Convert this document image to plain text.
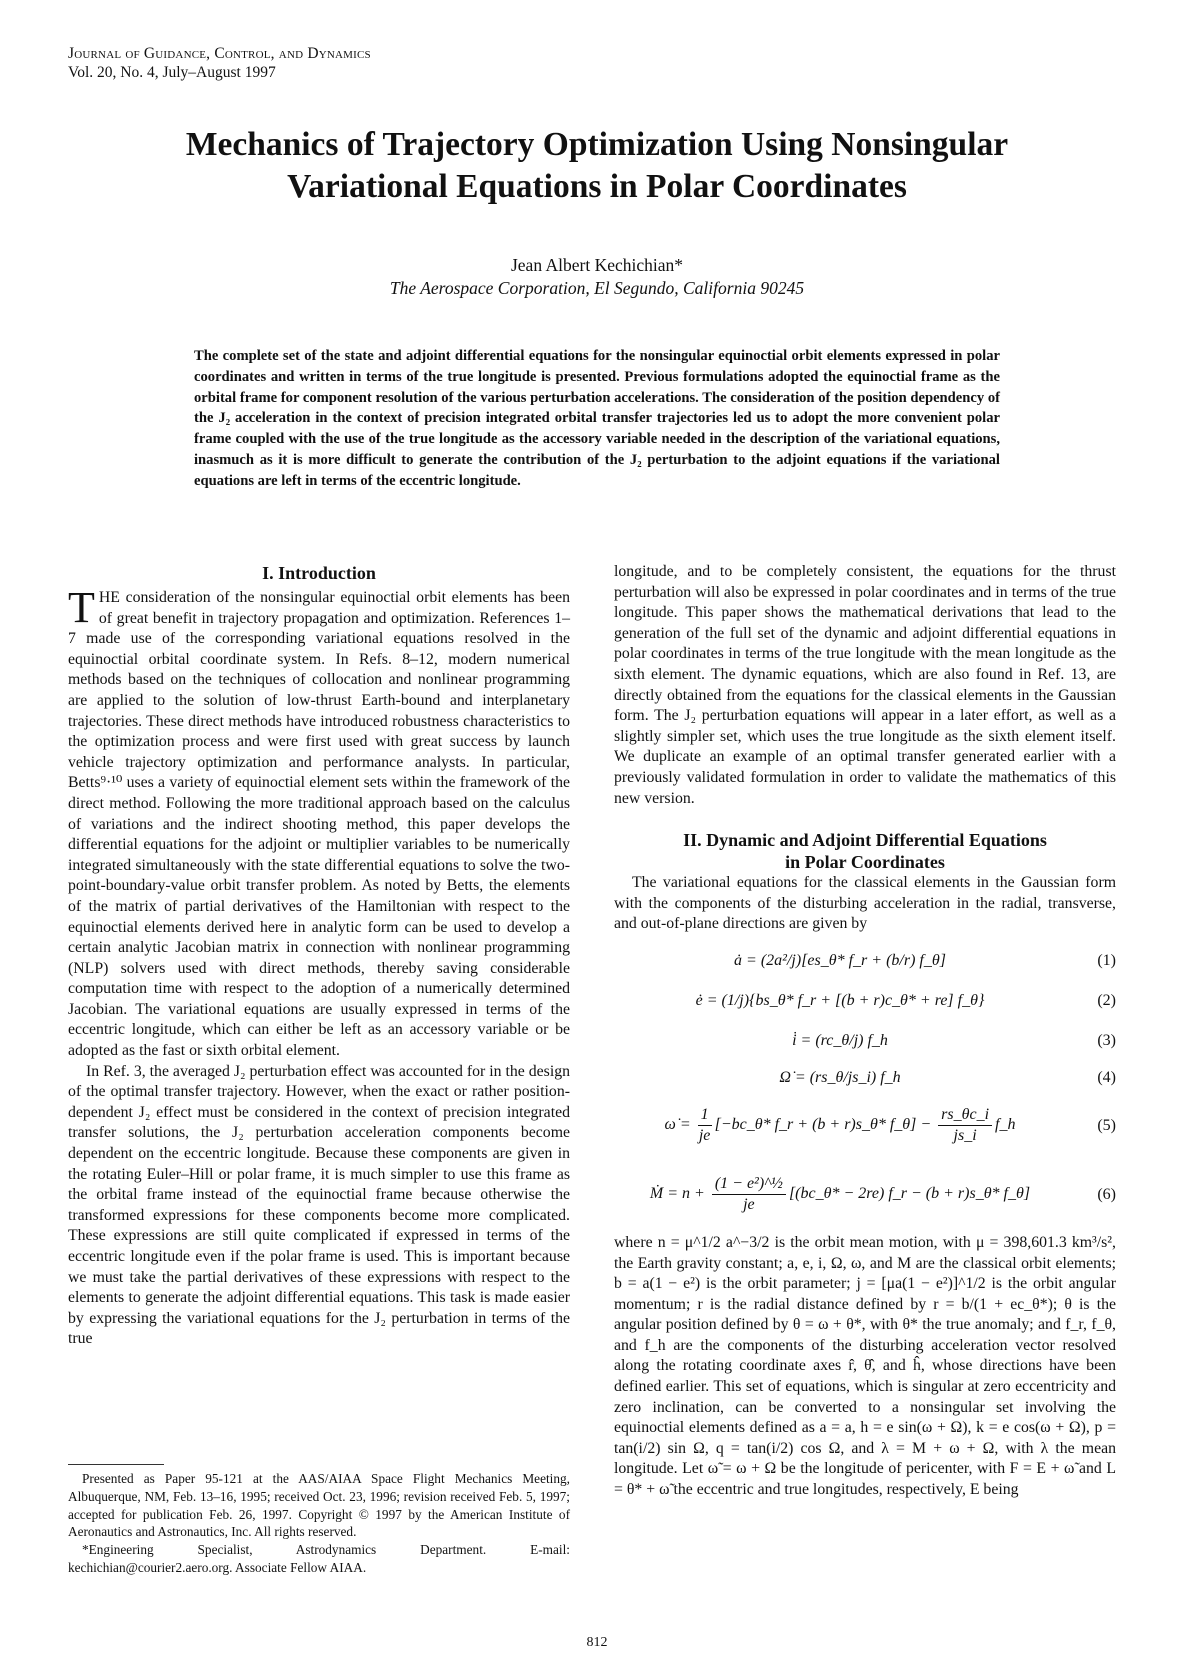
Journal of Guidance, Control, and Dynamics
Vol. 20, No. 4, July–August 1997
Mechanics of Trajectory Optimization Using Nonsingular
Variational Equations in Polar Coordinates
Jean Albert Kechichian*
The Aerospace Corporation, El Segundo, California 90245
The complete set of the state and adjoint differential equations for the nonsingular equinoctial orbit elements expressed in polar coordinates and written in terms of the true longitude is presented. Previous formulations adopted the equinoctial frame as the orbital frame for component resolution of the various perturbation accelerations. The consideration of the position dependency of the J₂ acceleration in the context of precision integrated orbital transfer trajectories led us to adopt the more convenient polar frame coupled with the use of the true longitude as the accessory variable needed in the description of the variational equations, inasmuch as it is more difficult to generate the contribution of the J₂ perturbation to the adjoint equations if the variational equations are left in terms of the eccentric longitude.
I. Introduction

THE consideration of the nonsingular equinoctial orbit elements has been of great benefit in trajectory propagation and optimization. References 1–7 made use of the corresponding variational equations resolved in the equinoctial orbital coordinate system. In Refs. 8–12, modern numerical methods based on the techniques of collocation and nonlinear programming are applied to the solution of low-thrust Earth-bound and interplanetary trajectories. These direct methods have introduced robustness characteristics to the optimization process and were first used with great success by launch vehicle trajectory optimization and performance analysts. In particular, Betts⁹·¹⁰ uses a variety of equinoctial element sets within the framework of the direct method. Following the more traditional approach based on the calculus of variations and the indirect shooting method, this paper develops the differential equations for the adjoint or multiplier variables to be numerically integrated simultaneously with the state differential equations to solve the two-point-boundary-value orbit transfer problem. As noted by Betts, the elements of the matrix of partial derivatives of the Hamiltonian with respect to the equinoctial elements derived here in analytic form can be used to develop a certain analytic Jacobian matrix in connection with nonlinear programming (NLP) solvers used with direct methods, thereby saving considerable computation time with respect to the adoption of a numerically determined Jacobian. The variational equations are usually expressed in terms of the eccentric longitude, which can either be left as an accessory variable or be adopted as the fast or sixth orbital element.

In Ref. 3, the averaged J₂ perturbation effect was accounted for in the design of the optimal transfer trajectory. However, when the exact or rather position-dependent J₂ effect must be considered in the context of precision integrated transfer solutions, the J₂ perturbation acceleration components become dependent on the eccentric longitude. Because these components are given in the rotating Euler–Hill or polar frame, it is much simpler to use this frame as the orbital frame instead of the equinoctial frame because otherwise the transformed expressions for these components become more complicated. These expressions are still quite complicated if expressed in terms of the eccentric longitude even if the polar frame is used. This is important because we must take the partial derivatives of these expressions with respect to the elements to generate the adjoint differential equations. This task is made easier by expressing the variational equations for the J₂ perturbation in terms of the true

longitude, and to be completely consistent, the equations for the thrust perturbation will also be expressed in polar coordinates and in terms of the true longitude. This paper shows the mathematical derivations that lead to the generation of the full set of the dynamic and adjoint differential equations in polar coordinates in terms of the true longitude with the mean longitude as the sixth element. The dynamic equations, which are also found in Ref. 13, are directly obtained from the equations for the classical elements in the Gaussian form. The J₂ perturbation equations will appear in a later effort, as well as a slightly simpler set, which uses the true longitude as the sixth element itself. We duplicate an example of an optimal transfer generated earlier with a previously validated formulation in order to validate the mathematics of this new version.

II. Dynamic and Adjoint Differential Equations
in Polar Coordinates

The variational equations for the classical elements in the Gaussian form with the components of the disturbing acceleration in the radial, transverse, and out-of-plane directions are given by

ȧ = (2a²/j)[es_θ* f_r + (b/r) f_θ]	(1)
ė = (1/j){bs_θ* f_r + [(b + r)c_θ* + re] f_θ}	(2)
i̇ = (rc_θ/j) f_h	(3)
Ω̇ = (rs_θ/js_i) f_h	(4)
ω̇ = $\frac{1}{je}$ [−bc_θ* f_r + (b + r)s_θ* f_θ] − $\frac{rs\_\theta c\_i}{js\_i}$ f_h	(5)
Ṁ = $n + \frac{\text{(1 − e²)\textasciicircum{}½}}{je}$ [(bc_θ* − 2re) f_r − (b + r)s_θ* f_θ]	(6)

where n = μ^1/2 a^−3/2 is the orbit mean motion, with μ = 398,601.3 km³/s², the Earth gravity constant; a, e, i, Ω, ω, and M are the classical orbit elements; b = a(1 − e²) is the orbit parameter; j = [μa(1 − e²)]^1/2 is the orbit angular momentum; r is the radial distance defined by r = b/(1 + ec_θ*); θ is the angular position defined by θ = ω + θ*, with θ* the true anomaly; and f_r, f_θ, and f_h are the components of the disturbing acceleration vector resolved along the rotating coordinate axes r̂, θ̂, and ĥ, whose directions have been defined earlier. This set of equations, which is singular at zero eccentricity and zero inclination, can be converted to a nonsingular set involving the equinoctial elements defined as a = a, h = e sin(ω + Ω), k = e cos(ω + Ω), p = tan(i/2) sin Ω, q = tan(i/2) cos Ω, and λ = M + ω + Ω, with λ the mean longitude. Let ω̃ = ω + Ω be the longitude of pericenter, with F = E + ω̃ and L = θ* + ω̃ the eccentric and true longitudes, respectively, E being

Presented as Paper 95-121 at the AAS/AIAA Space Flight Mechanics Meeting, Albuquerque, NM, Feb. 13–16, 1995; received Oct. 23, 1996; revision received Feb. 5, 1997; accepted for publication Feb. 26, 1997. Copyright © 1997 by the American Institute of Aeronautics and Astronautics, Inc. All rights reserved.

*Engineering Specialist, Astrodynamics Department. E-mail: kechichian@courier2.aero.org. Associate Fellow AIAA.

812
